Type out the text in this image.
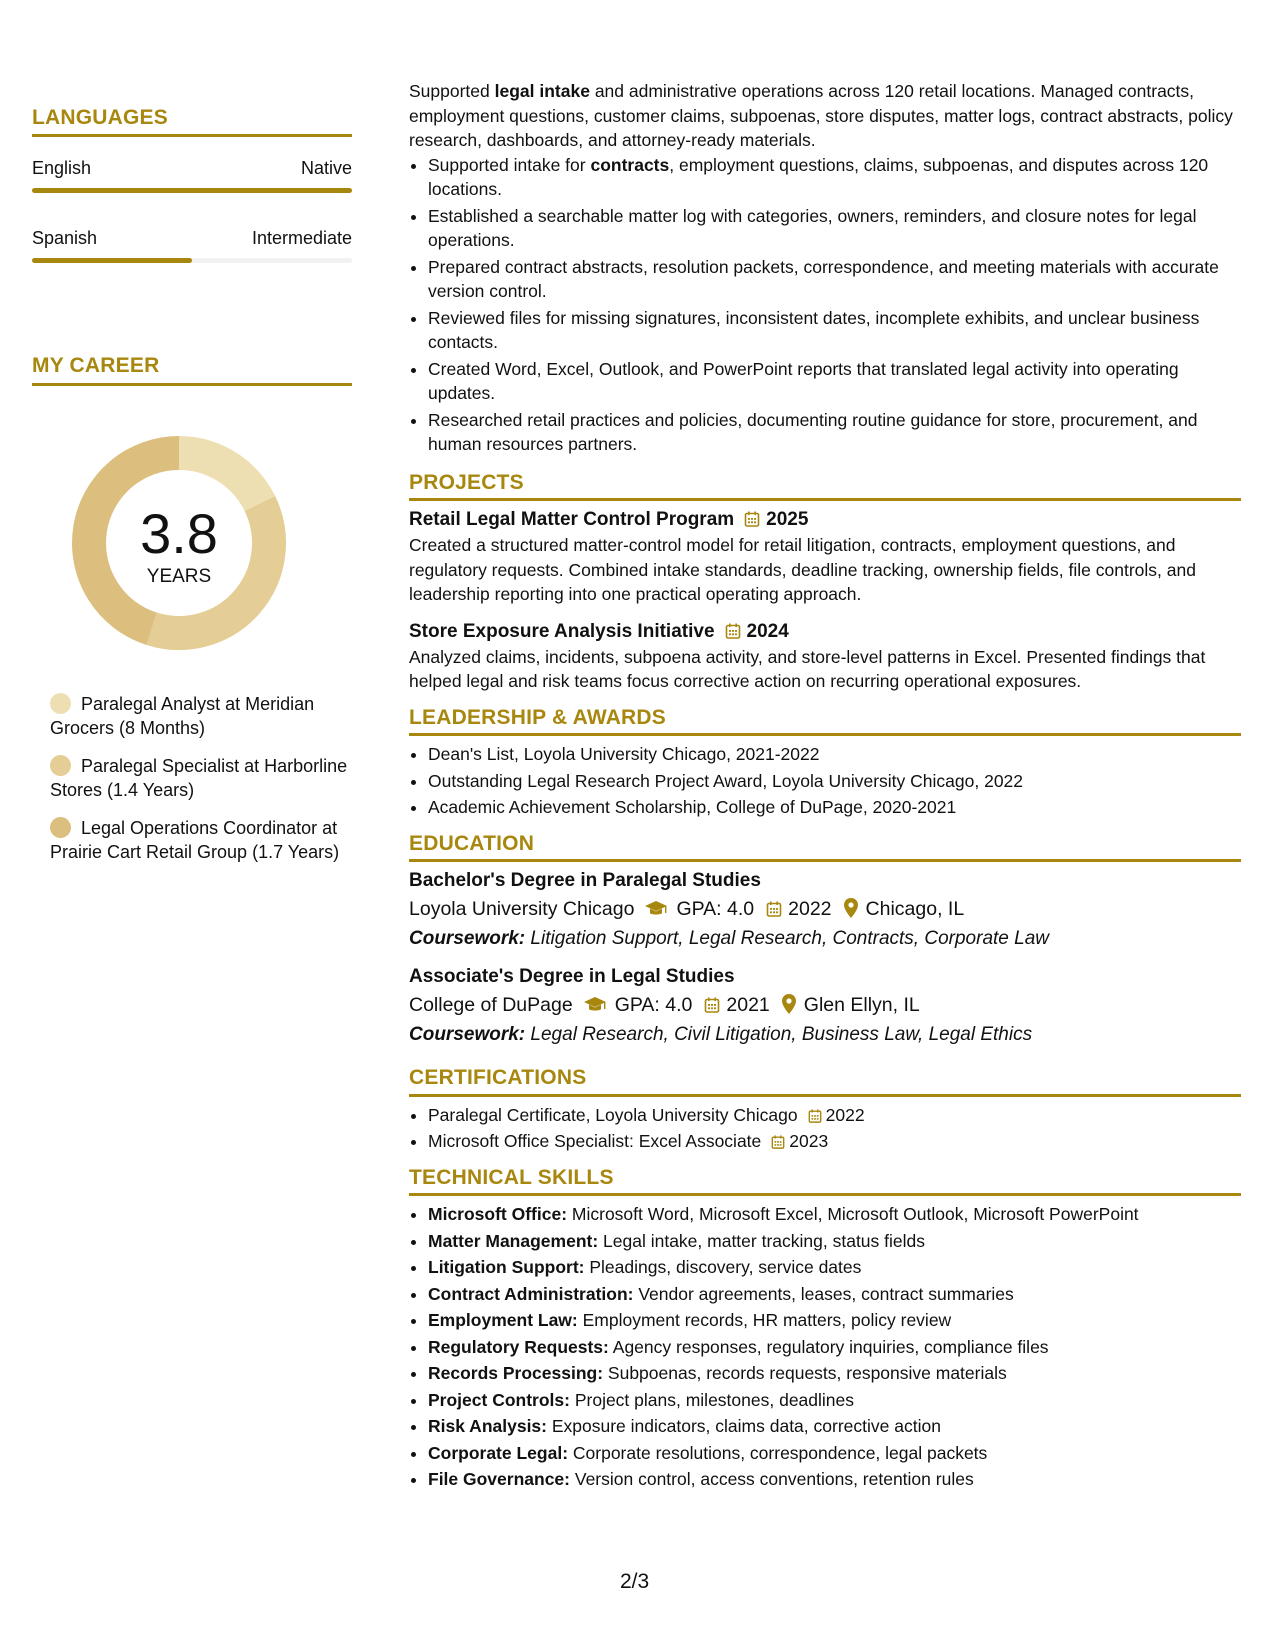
LANGUAGES
English	Native
Spanish	Intermediate
MY CAREER
3.8
YEARS
Paralegal Analyst at Meridian Grocers (8 Months)
Paralegal Specialist at Harborline Stores (1.4 Years)
Legal Operations Coordinator at Prairie Cart Retail Group (1.7 Years)

Supported legal intake and administrative operations across 120 retail locations. Managed contracts, employment questions, customer claims, subpoenas, store disputes, matter logs, contract abstracts, policy research, dashboards, and attorney-ready materials.

• Supported intake for contracts, employment questions, claims, subpoenas, and disputes across 120 locations.
• Established a searchable matter log with categories, owners, reminders, and closure notes for legal operations.
• Prepared contract abstracts, resolution packets, correspondence, and meeting materials with accurate version control.
• Reviewed files for missing signatures, inconsistent dates, incomplete exhibits, and unclear business contacts.
• Created Word, Excel, Outlook, and PowerPoint reports that translated legal activity into operating updates.
• Researched retail practices and policies, documenting routine guidance for store, procurement, and human resources partners.
PROJECTS
Retail Legal Matter Control Program 2025

Created a structured matter-control model for retail litigation, contracts, employment questions, and regulatory requests. Combined intake standards, deadline tracking, ownership fields, file controls, and leadership reporting into one practical operating approach.

Store Exposure Analysis Initiative 2024

Analyzed claims, incidents, subpoena activity, and store-level patterns in Excel. Presented findings that helped legal and risk teams focus corrective action on recurring operational exposures.

LEADERSHIP & AWARDS
• Dean's List, Loyola University Chicago, 2021-2022
• Outstanding Legal Research Project Award, Loyola University Chicago, 2022
• Academic Achievement Scholarship, College of DuPage, 2020-2021
EDUCATION
Bachelor's Degree in Paralegal Studies
Loyola University Chicago GPA: 4.0 2022 Chicago, IL
Coursework: Litigation Support, Legal Research, Contracts, Corporate Law
Associate's Degree in Legal Studies
College of DuPage GPA: 4.0 2021 Glen Ellyn, IL
Coursework: Legal Research, Civil Litigation, Business Law, Legal Ethics
CERTIFICATIONS
• Paralegal Certificate, Loyola University Chicago 2022
• Microsoft Office Specialist: Excel Associate 2023
TECHNICAL SKILLS
• Microsoft Office: Microsoft Word, Microsoft Excel, Microsoft Outlook, Microsoft PowerPoint
• Matter Management: Legal intake, matter tracking, status fields
• Litigation Support: Pleadings, discovery, service dates
• Contract Administration: Vendor agreements, leases, contract summaries
• Employment Law: Employment records, HR matters, policy review
• Regulatory Requests: Agency responses, regulatory inquiries, compliance files
• Records Processing: Subpoenas, records requests, responsive materials
• Project Controls: Project plans, milestones, deadlines
• Risk Analysis: Exposure indicators, claims data, corrective action
• Corporate Legal: Corporate resolutions, correspondence, legal packets
• File Governance: Version control, access conventions, retention rules
2/3
